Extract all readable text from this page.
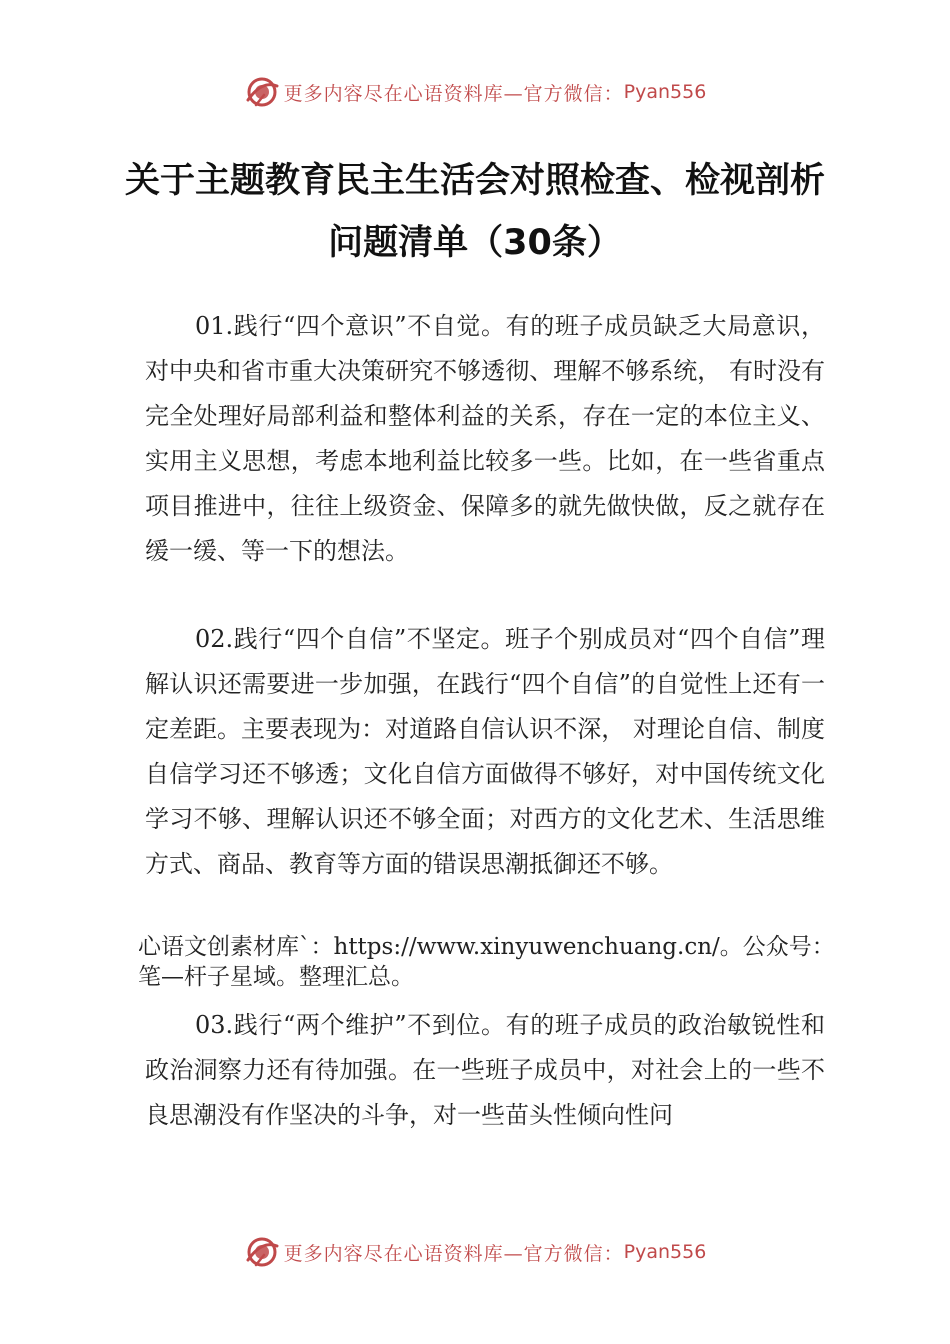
更多内容尽在心语资料库—官方微信： Pyan556
关于主题教育民主生活会对照检查、检视剖析问题清单（30条）

01.践行“四个意识”不自觉。有的班子成员缺乏大局意识，对中央和省市重大决策研究不够透彻、理解不够系统， 有时没有完全处理好局部利益和整体利益的关系，存在一定的本位主义、实用主义思想，考虑本地利益比较多一些。比如，在一些省重点项目推进中，往往上级资金、保障多的就先做快做，反之就存在缓一缓、等一下的想法。

02.践行“四个自信”不坚定。班子个别成员对“四个自信”理解认识还需要进一步加强，在践行“四个自信”的自觉性上还有一定差距。主要表现为：对道路自信认识不深， 对理论自信、制度自信学习还不够透；文化自信方面做得不够好，对中国传统文化学习不够、理解认识还不够全面；对西方的文化艺术、生活思维方式、商品、教育等方面的错误思潮抵御还不够。

心语文创素材库`：https://www.xinyuwenchuang.cn/。公众号：笔—杆子星域。整理汇总。

03.践行“两个维护”不到位。有的班子成员的政治敏锐性和政治洞察力还有待加强。在一些班子成员中，对社会上的一些不良思潮没有作坚决的斗争，对一些苗头性倾向性问

更多内容尽在心语资料库—官方微信： Pyan556
